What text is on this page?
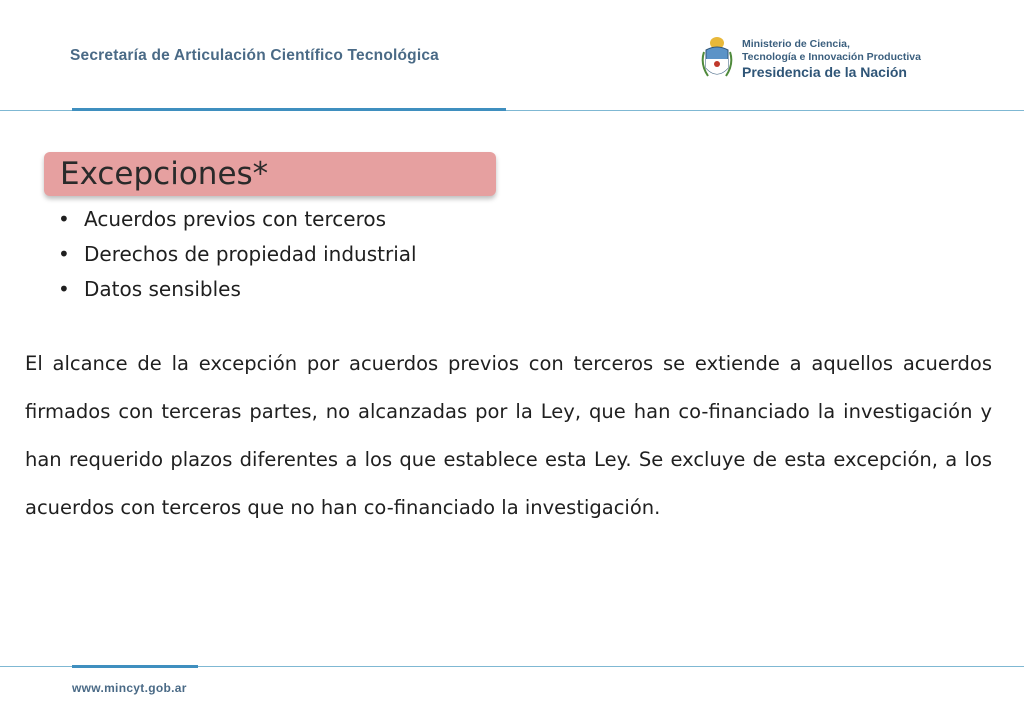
Secretaría de Articulación Científico Tecnológica
Ministerio de Ciencia,
Tecnología e Innovación Productiva
Presidencia de la Nación
Excepciones*
• Acuerdos previos con terceros
• Derechos de propiedad industrial
• Datos sensibles
El alcance de la excepción por acuerdos previos con terceros se extiende a aquellos acuerdos firmados con terceras partes, no alcanzadas por la Ley, que han co-financiado la investigación y han requerido plazos diferentes a los que establece esta Ley. Se excluye de esta excepción, a los acuerdos con terceros que no han co-financiado la investigación.
www.mincyt.gob.ar
